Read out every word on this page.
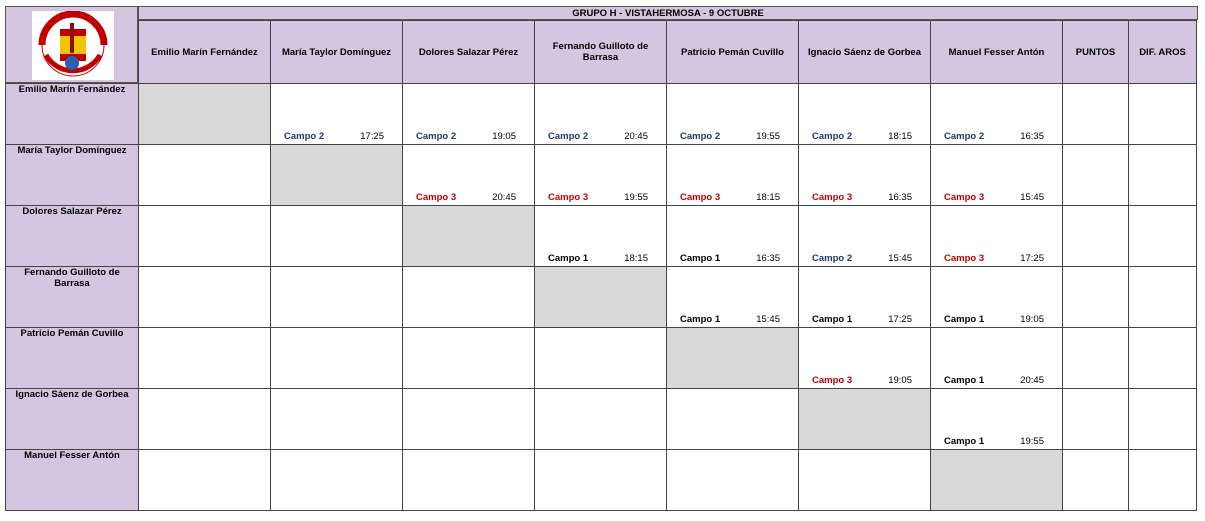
GRUPO H - VISTAHERMOSA - 9 OCTUBRE

	Emilio Marín Fernández	María Taylor Domínguez	Dolores Salazar Pérez	Fernando Guilloto de Barrasa	Patricio Pemán Cuvillo	Ignacio Sáenz de Gorbea	Manuel Fesser Antón	PUNTOS	DIF. AROS

Emilio Marín Fernández		Campo 2 17:25	Campo 2 19:05	Campo 2 20:45	Campo 2 19:55	Campo 2 18:15	Campo 2 16:35		

María Taylor Domínguez			Campo 3 20:45	Campo 3 19:55	Campo 3 18:15	Campo 3 16:35	Campo 3 15:45		

Dolores Salazar Pérez				Campo 1 18:15	Campo 1 16:35	Campo 2 15:45	Campo 3 17:25		

Fernando Guilloto de Barrasa					Campo 1 15:45	Campo 1 17:25	Campo 1 19:05		

Patricio Pemán Cuvillo						Campo 3 19:05	Campo 1 20:45		

Ignacio Sáenz de Gorbea							Campo 1 19:55		

Manuel Fesser Antón									
